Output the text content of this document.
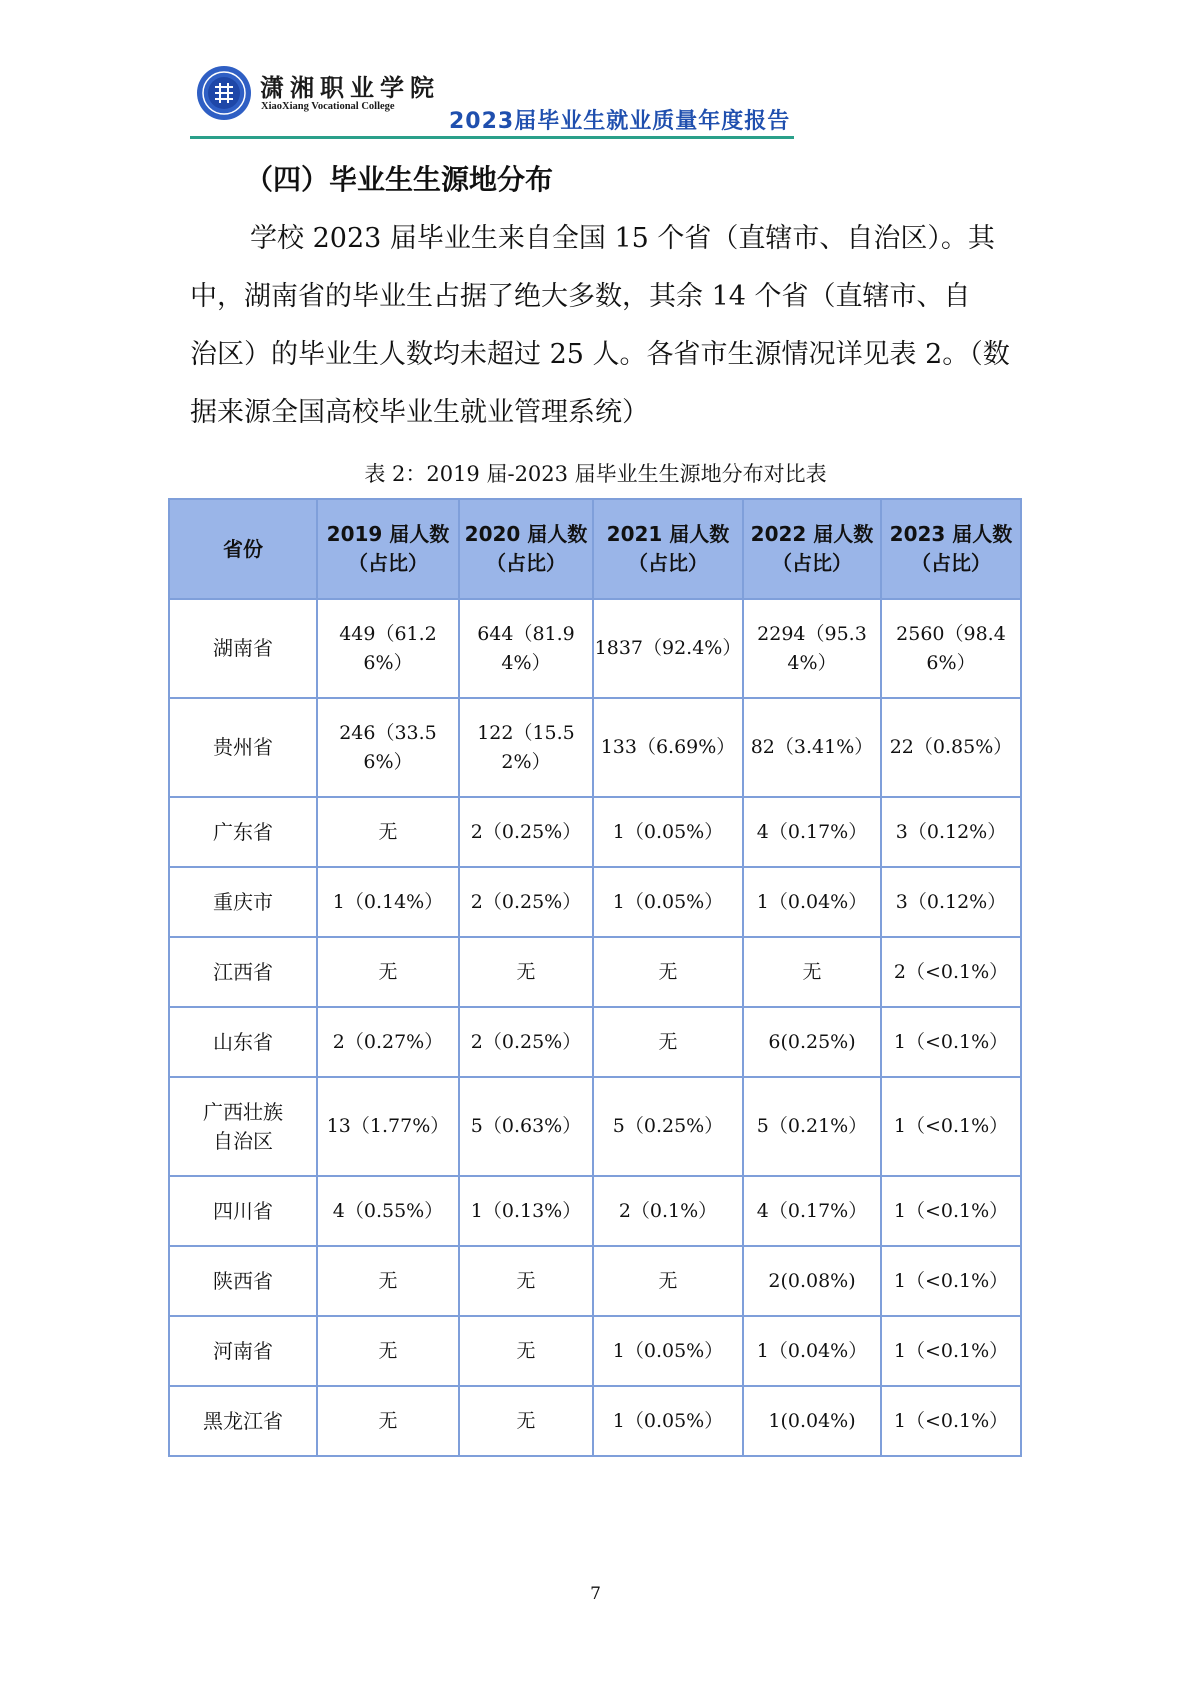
潇湘职业学院
XiaoXiang Vocational College
2023届毕业生就业质量年度报告
（四）毕业生生源地分布
学校 2023 届毕业生来自全国 15 个省（直辖市、自治区）。其
中，湖南省的毕业生占据了绝大多数，其余 14 个省（直辖市、自
治区）的毕业生人数均未超过 25 人。各省市生源情况详见表 2。（数
据来源全国高校毕业生就业管理系统）
表 2：2019 届-2023 届毕业生生源地分布对比表
省份	2019 届人数（占比）	2020 届人数（占比）	2021 届人数（占比）	2022 届人数（占比）	2023 届人数（占比）
湖南省	449（61.26%）	644（81.94%）	1837（92.4%）	2294（95.34%）	2560（98.46%）
贵州省	246（33.56%）	122（15.52%）	133（6.69%）	82（3.41%）	22（0.85%）
广东省	无	2（0.25%）	1（0.05%）	4（0.17%）	3（0.12%）
重庆市	1（0.14%）	2（0.25%）	1（0.05%）	1（0.04%）	3（0.12%）
江西省	无	无	无	无	2（<0.1%）
山东省	2（0.27%）	2（0.25%）	无	6(0.25%)	1（<0.1%）
广西壮族自治区	13（1.77%）	5（0.63%）	5（0.25%）	5（0.21%）	1（<0.1%）
四川省	4（0.55%）	1（0.13%）	2（0.1%）	4（0.17%）	1（<0.1%）
陕西省	无	无	无	2(0.08%)	1（<0.1%）
河南省	无	无	1（0.05%）	1（0.04%）	1（<0.1%）
黑龙江省	无	无	1（0.05%）	1(0.04%)	1（<0.1%）
7
